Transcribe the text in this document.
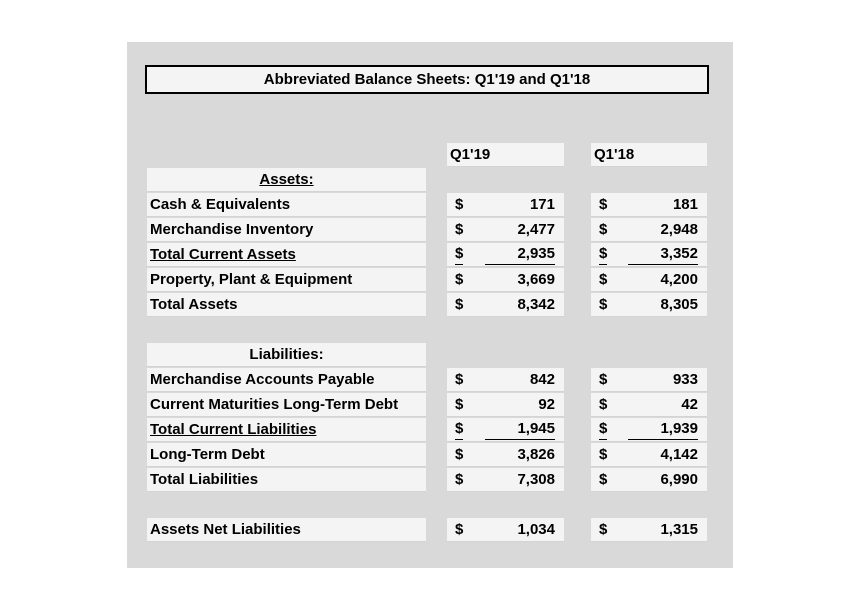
Abbreviated Balance Sheets: Q1'19 and Q1'18
Q1'19	Q1'18
Assets:
Cash & Equivalents	$	171	$	181
Merchandise Inventory	$	2,477	$	2,948
Total Current Assets	$	2,935	$	3,352
Property, Plant & Equipment	$	3,669	$	4,200
Total Assets	$	8,342	$	8,305
Liabilities:
Merchandise Accounts Payable	$	842	$	933
Current Maturities Long-Term Debt	$	92	$	42
Total Current Liabilities	$	1,945	$	1,939
Long-Term Debt	$	3,826	$	4,142
Total Liabilities	$	7,308	$	6,990
Assets Net Liabilities	$	1,034	$	1,315
